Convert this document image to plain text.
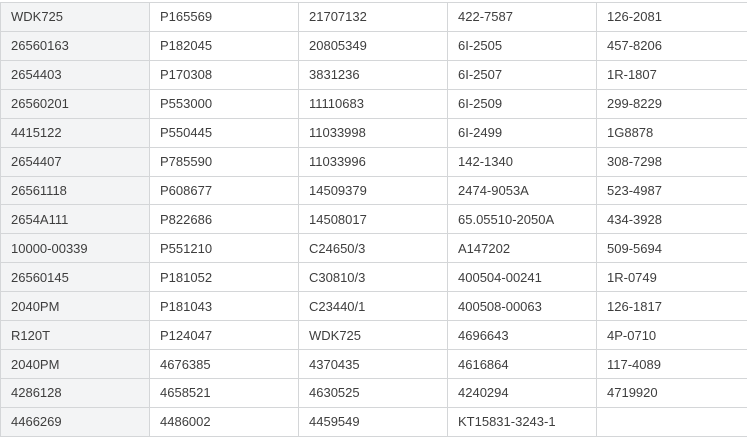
WDK725	P165569	21707132	422-7587	126-2081
26560163	P182045	20805349	6I-2505	457-8206
2654403	P170308	3831236	6I-2507	1R-1807
26560201	P553000	11110683	6I-2509	299-8229
4415122	P550445	11033998	6I-2499	1G8878
2654407	P785590	11033996	142-1340	308-7298
26561118	P608677	14509379	2474-9053A	523-4987
2654A111	P822686	14508017	65.05510-2050A	434-3928
10000-00339	P551210	C24650/3	A147202	509-5694
26560145	P181052	C30810/3	400504-00241	1R-0749
2040PM	P181043	C23440/1	400508-00063	126-1817
R120T	P124047	WDK725	4696643	4P-0710
2040PM	4676385	4370435	4616864	117-4089
4286128	4658521	4630525	4240294	4719920
4466269	4486002	4459549	KT15831-3243-1	
